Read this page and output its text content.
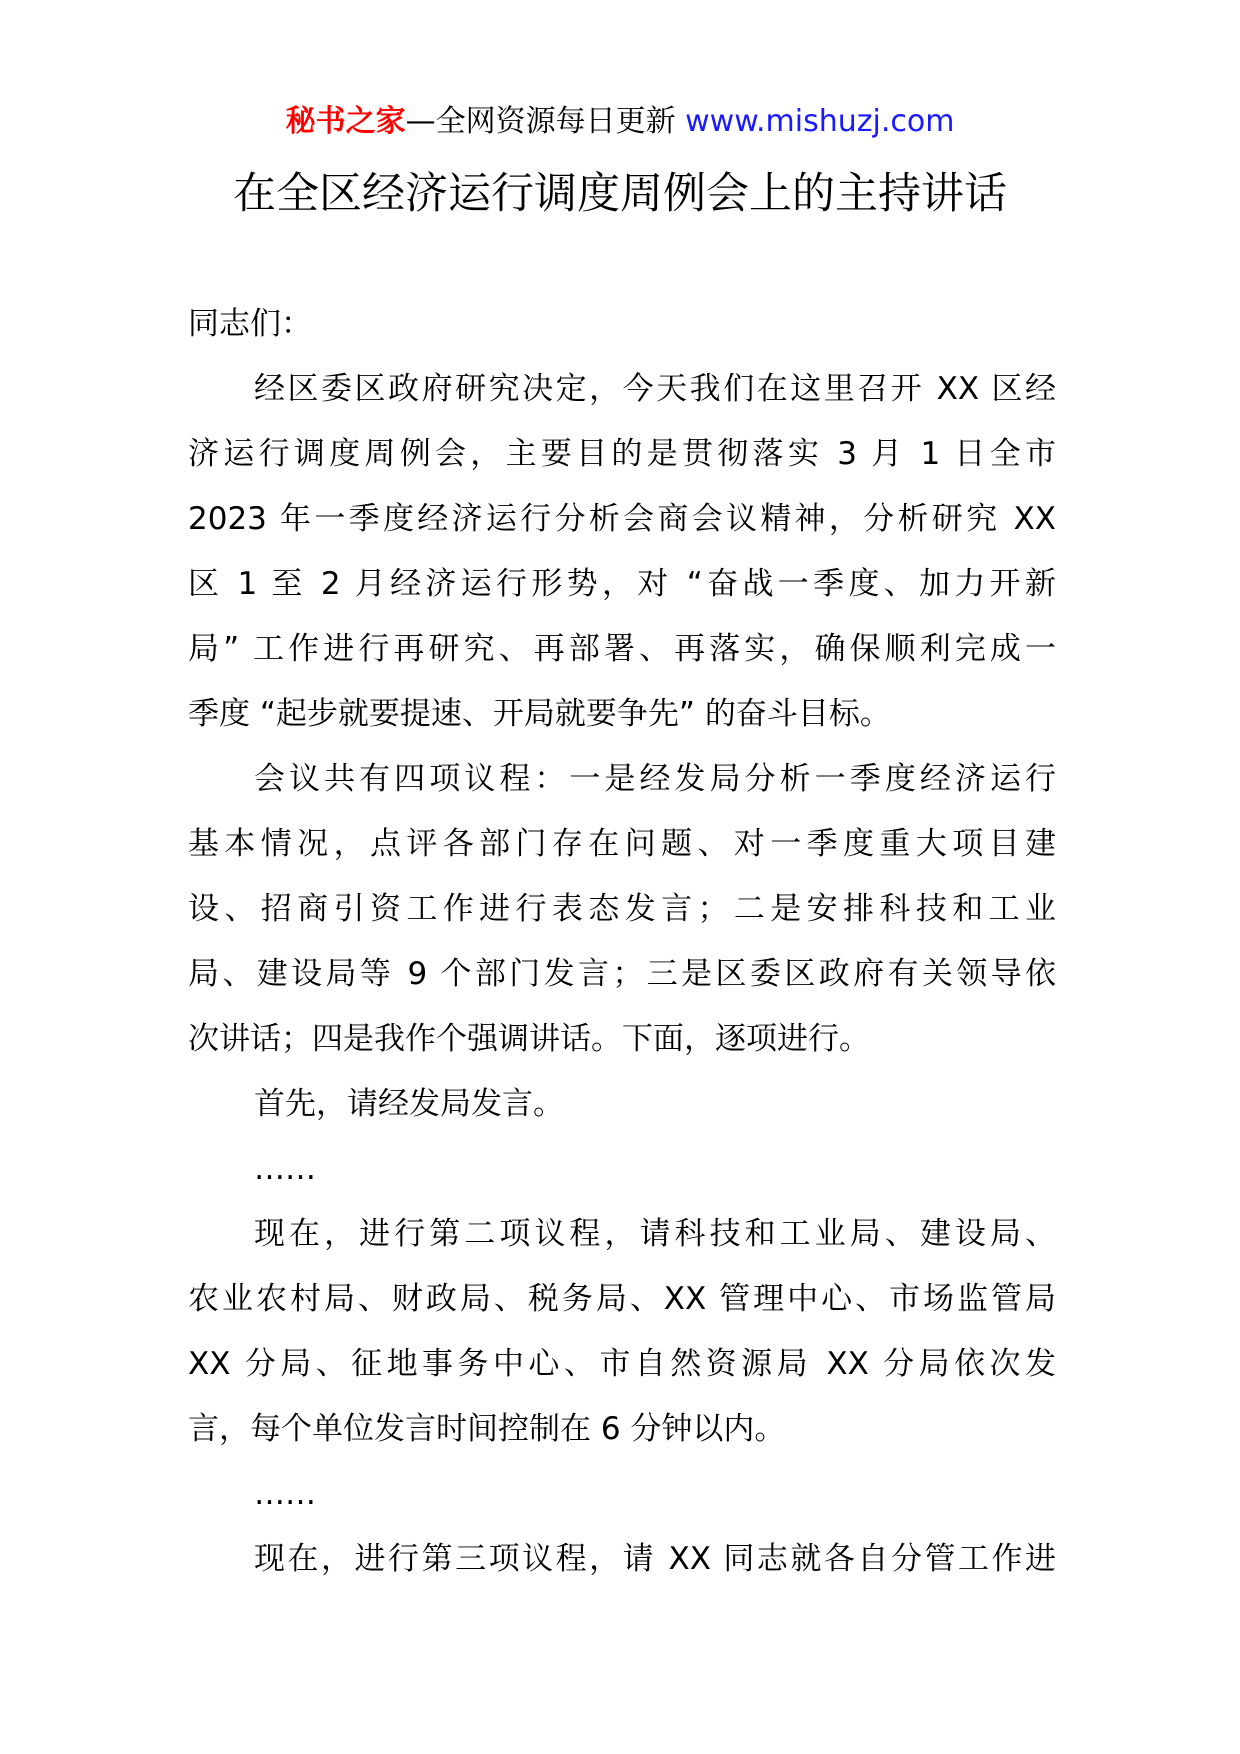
秘书之家—全网资源每日更新 www.mishuzj.com
在全区经济运行调度周例会上的主持讲话
同志们：
经区委区政府研究决定，今天我们在这里召开 XX 区经
济运行调度周例会，主要目的是贯彻落实 3 月 1 日全市
2023 年一季度经济运行分析会商会议精神，分析研究 XX
区 1 至 2 月经济运行形势，对 “奋战一季度、加力开新
局” 工作进行再研究、再部署、再落实，确保顺利完成一
季度 “起步就要提速、开局就要争先” 的奋斗目标。
会议共有四项议程：一是经发局分析一季度经济运行
基本情况，点评各部门存在问题、对一季度重大项目建
设、招商引资工作进行表态发言；二是安排科技和工业
局、建设局等 9 个部门发言；三是区委区政府有关领导依
次讲话；四是我作个强调讲话。下面，逐项进行。
首先，请经发局发言。
……
现在，进行第二项议程，请科技和工业局、建设局、
农业农村局、财政局、税务局、XX 管理中心、市场监管局
XX 分局、征地事务中心、市自然资源局 XX 分局依次发
言，每个单位发言时间控制在 6 分钟以内。
……
现在，进行第三项议程，请 XX 同志就各自分管工作进
